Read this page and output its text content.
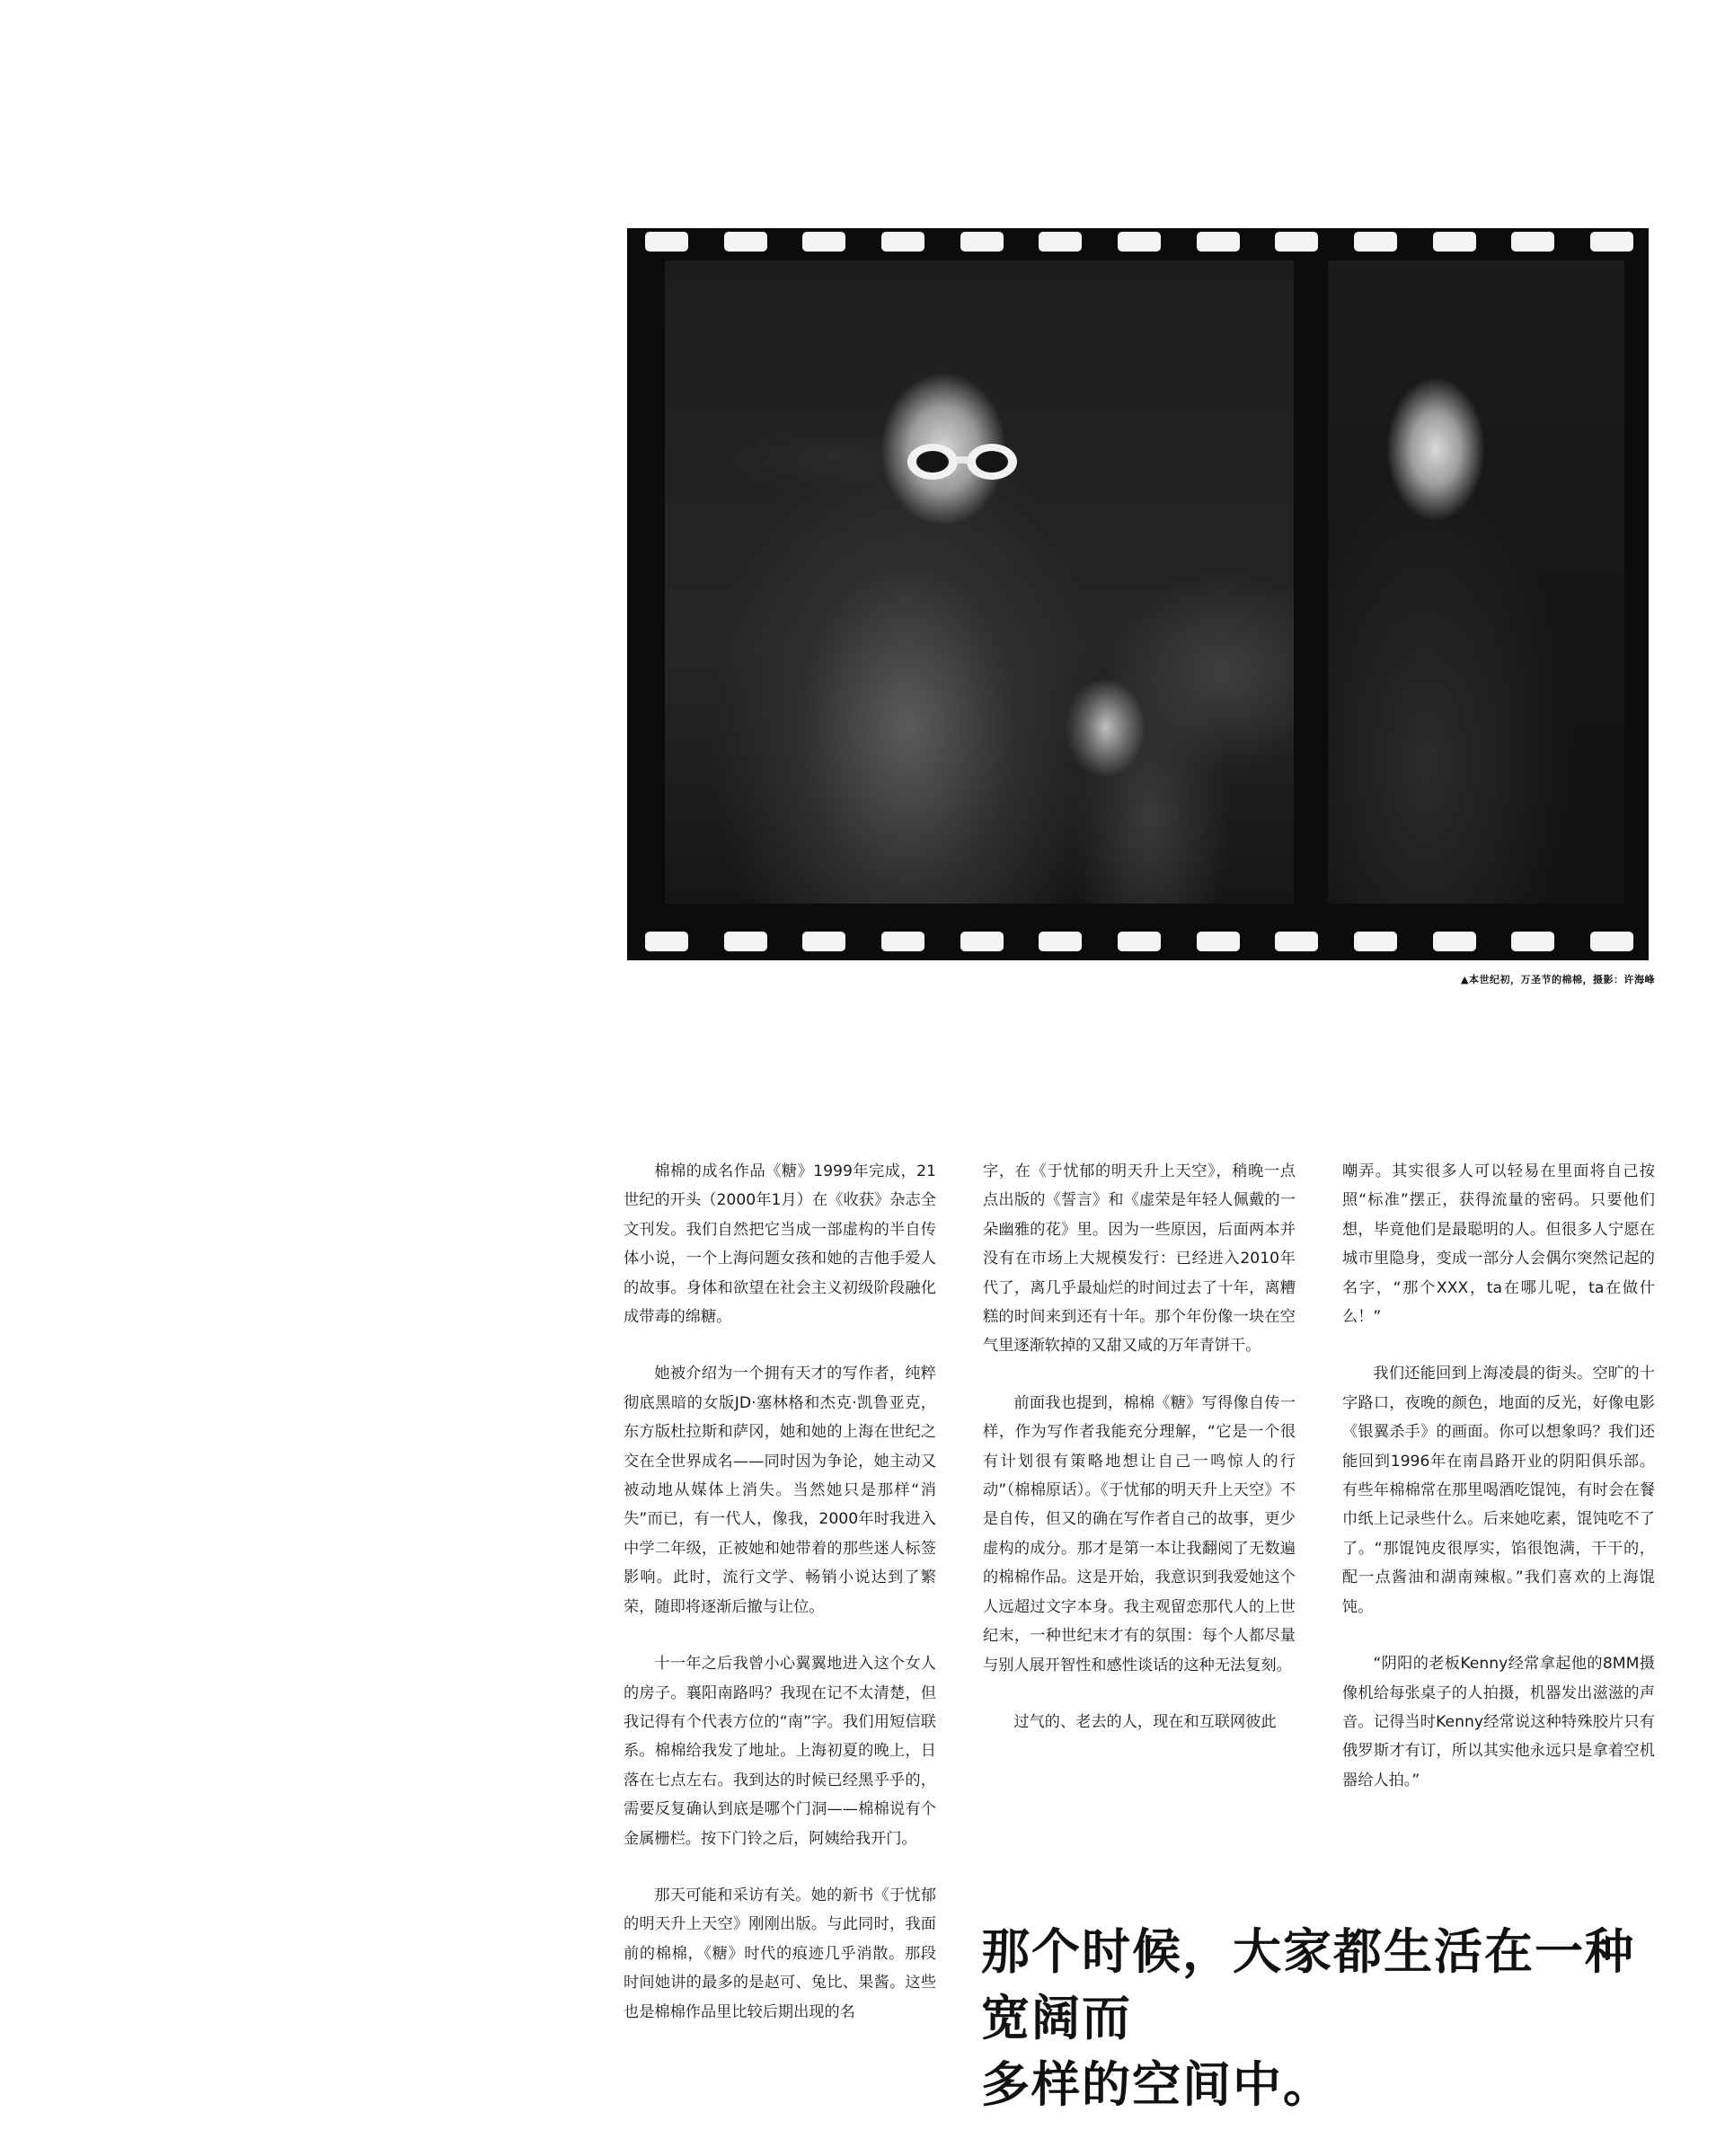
▲本世纪初，万圣节的棉棉，摄影：许海峰

棉棉的成名作品《糖》1999年完成，21世纪的开头（2000年1月）在《收获》杂志全文刊发。我们自然把它当成一部虚构的半自传体小说，一个上海问题女孩和她的吉他手爱人的故事。身体和欲望在社会主义初级阶段融化成带毒的绵糖。

她被介绍为一个拥有天才的写作者，纯粹彻底黑暗的女版JD·塞林格和杰克·凯鲁亚克，东方版杜拉斯和萨冈，她和她的上海在世纪之交在全世界成名——同时因为争论，她主动又被动地从媒体上消失。当然她只是那样“消失”而已，有一代人，像我，2000年时我进入中学二年级，正被她和她带着的那些迷人标签影响。此时，流行文学、畅销小说达到了繁荣，随即将逐渐后撤与让位。

十一年之后我曾小心翼翼地进入这个女人的房子。襄阳南路吗？我现在记不太清楚，但我记得有个代表方位的“南”字。我们用短信联系。棉棉给我发了地址。上海初夏的晚上，日落在七点左右。我到达的时候已经黑乎乎的，需要反复确认到底是哪个门洞——棉棉说有个金属栅栏。按下门铃之后，阿姨给我开门。

那天可能和采访有关。她的新书《于忧郁的明天升上天空》刚刚出版。与此同时，我面前的棉棉，《糖》时代的痕迹几乎消散。那段时间她讲的最多的是赵可、兔比、果酱。这些也是棉棉作品里比较后期出现的名

字，在《于忧郁的明天升上天空》，稍晚一点点出版的《誓言》和《虚荣是年轻人佩戴的一朵幽雅的花》里。因为一些原因，后面两本并没有在市场上大规模发行：已经进入2010年代了，离几乎最灿烂的时间过去了十年，离糟糕的时间来到还有十年。那个年份像一块在空气里逐渐软掉的又甜又咸的万年青饼干。

前面我也提到，棉棉《糖》写得像自传一样，作为写作者我能充分理解，“它是一个很有计划很有策略地想让自己一鸣惊人的行动”（棉棉原话）。《于忧郁的明天升上天空》不是自传，但又的确在写作者自己的故事，更少虚构的成分。那才是第一本让我翻阅了无数遍的棉棉作品。这是开始，我意识到我爱她这个人远超过文字本身。我主观留恋那代人的上世纪末，一种世纪末才有的氛围：每个人都尽量与别人展开智性和感性谈话的这种无法复刻。

过气的、老去的人，现在和互联网彼此

嘲弄。其实很多人可以轻易在里面将自己按照“标准”摆正，获得流量的密码。只要他们想，毕竟他们是最聪明的人。但很多人宁愿在城市里隐身，变成一部分人会偶尔突然记起的名字，“那个XXX，ta在哪儿呢，ta在做什么！”

我们还能回到上海凌晨的街头。空旷的十字路口，夜晚的颜色，地面的反光，好像电影《银翼杀手》的画面。你可以想象吗？我们还能回到1996年在南昌路开业的阴阳俱乐部。有些年棉棉常在那里喝酒吃馄饨，有时会在餐巾纸上记录些什么。后来她吃素，馄饨吃不了了。“那馄饨皮很厚实，馅很饱满，干干的，配一点酱油和湖南辣椒。”我们喜欢的上海馄饨。

“阴阳的老板Kenny经常拿起他的8MM摄像机给每张桌子的人拍摄，机器发出滋滋的声音。记得当时Kenny经常说这种特殊胶片只有俄罗斯才有订，所以其实他永远只是拿着空机器给人拍。”

那个时候，大家都生活在一种宽阔而
多样的空间中。
